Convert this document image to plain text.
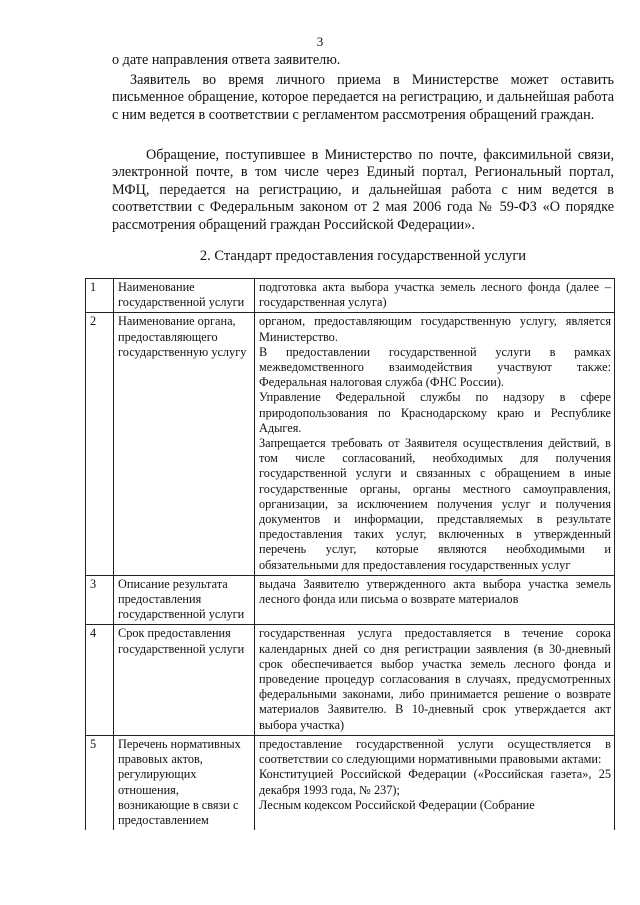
3

о дате направления ответа заявителю.

Заявитель во время личного приема в Министерстве может оставить письменное обращение, которое передается на регистрацию, и дальнейшая работа с ним ведется в соответствии с регламентом рассмотрения обращений граждан.

Обращение, поступившее в Министерство по почте, факсимильной связи, электронной почте, в том числе через Единый портал, Региональный портал, МФЦ, передается на регистрацию, и дальнейшая работа с ним ведется в соответствии с Федеральным законом от 2 мая 2006 года № 59-ФЗ «О порядке рассмотрения обращений граждан Российской Федерации».

2. Стандарт предоставления государственной услуги
1	Наименование государственной услуги	подготовка акта выбора участка земель лесного фонда (далее – государственная услуга)

2	Наименование органа, предоставляющего государственную услугу	органом, предоставляющим государственную услугу, является Министерство.
В предоставлении государственной услуги в рамках межведомственного взаимодействия участвуют также: Федеральная налоговая служба (ФНС России).
Управление Федеральной службы по надзору в сфере природопользования по Краснодарскому краю и Республике Адыгея.
Запрещается требовать от Заявителя осуществления действий, в том числе согласований, необходимых для получения государственной услуги и связанных с обращением в иные государственные органы, органы местного самоуправления, организации, за исключением получения услуг и получения документов и информации, представляемых в результате предоставления таких услуг, включенных в утвержденный перечень услуг, которые являются необходимыми и обязательными для предоставления государственных услуг

3	Описание результата предоставления государственной услуги	выдача Заявителю утвержденного акта выбора участка земель лесного фонда или письма о возврате материалов

4	Срок предоставления государственной услуги	государственная услуга предоставляется в течение сорока календарных дней со дня регистрации заявления (в 30-дневный срок обеспечивается выбор участка земель лесного фонда и проведение процедур согласования в случаях, предусмотренных федеральными законами, либо принимается решение о возврате материалов Заявителю. В 10-дневный срок утверждается акт выбора участка)

5	Перечень нормативных правовых актов, регулирующих отношения, возникающие в связи с предоставлением	предоставление государственной услуги осуществляется в соответствии со следующими нормативными правовыми актами:
Конституцией Российской Федерации («Российская газета», 25 декабря 1993 года, № 237);
Лесным кодексом Российской Федерации (Собрание
